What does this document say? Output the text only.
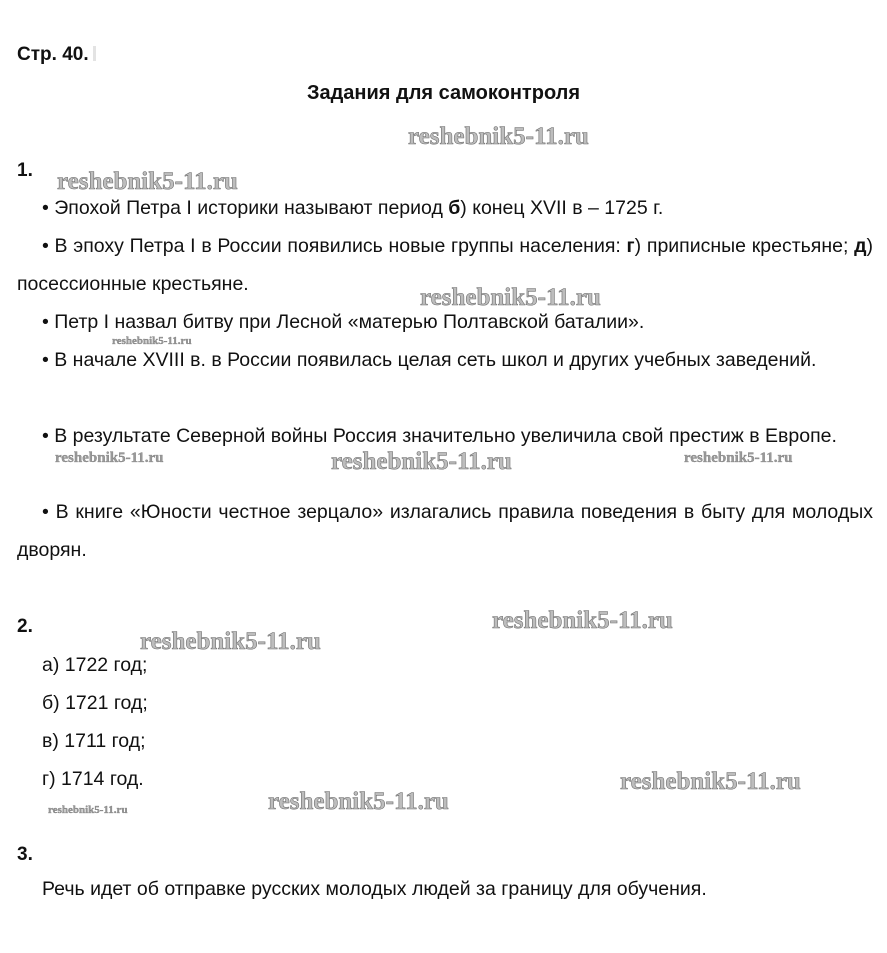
Стр. 40.
Задания для самоконтроля
1.
• Эпохой Петра I историки называют период б) конец XVII в – 1725 г.
• В эпоху Петра I в России появились новые группы населения: г) приписные крестьяне; д) посессионные крестьяне.
• Петр I назвал битву при Лесной «матерью Полтавской баталии».
• В начале XVIII в. в России появилась целая сеть школ и других учебных заведений.
• В результате Северной войны Россия значительно увеличила свой престиж в Европе.
• В книге «Юности честное зерцало» излагались правила поведения в быту для молодых дворян.
2.
а) 1722 год;
б) 1721 год;
в) 1711 год;
г) 1714 год.
3.
Речь идет об отправке русских молодых людей за границу для обучения.
reshebnik5-11.ru
reshebnik5-11.ru
reshebnik5-11.ru
reshebnik5-11.ru
reshebnik5-11.ru	reshebnik5-11.ru	reshebnik5-11.ru
reshebnik5-11.ru
reshebnik5-11.ru
reshebnik5-11.ru
reshebnik5-11.ru
reshebnik5-11.ru
